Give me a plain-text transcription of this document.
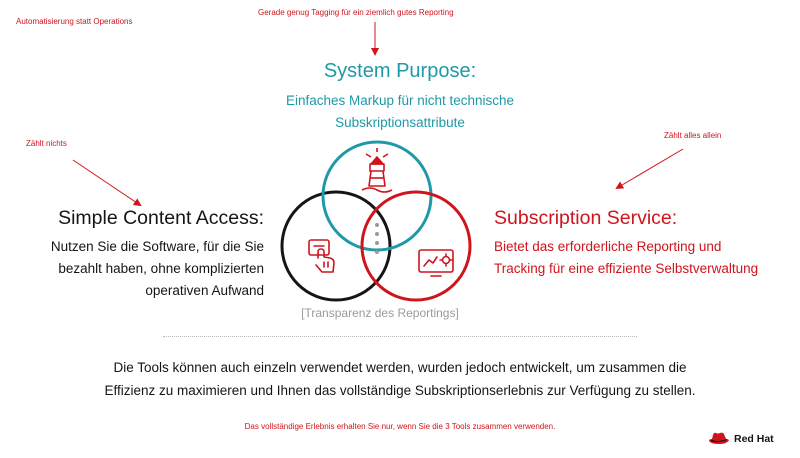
Automatisierung statt Operations
Gerade genug Tagging für ein ziemlich gutes Reporting
Zählt nichts
Zählt alles allein
System Purpose:
Einfaches Markup für nicht technische
Subskriptionsattribute
Simple Content Access:
Nutzen Sie die Software, für die Sie
bezahlt haben, ohne komplizierten
operativen Aufwand
Subscription Service:
Bietet das erforderliche Reporting und
Tracking für eine effiziente Selbstverwaltung
[Transparenz des Reportings]
Die Tools können auch einzeln verwendet werden, wurden jedoch entwickelt, um zusammen die
Effizienz zu maximieren und Ihnen das vollständige Subskriptionserlebnis zur Verfügung zu stellen.
Das vollständige Erlebnis erhalten Sie nur, wenn Sie die 3 Tools zusammen verwenden.
Red Hat
